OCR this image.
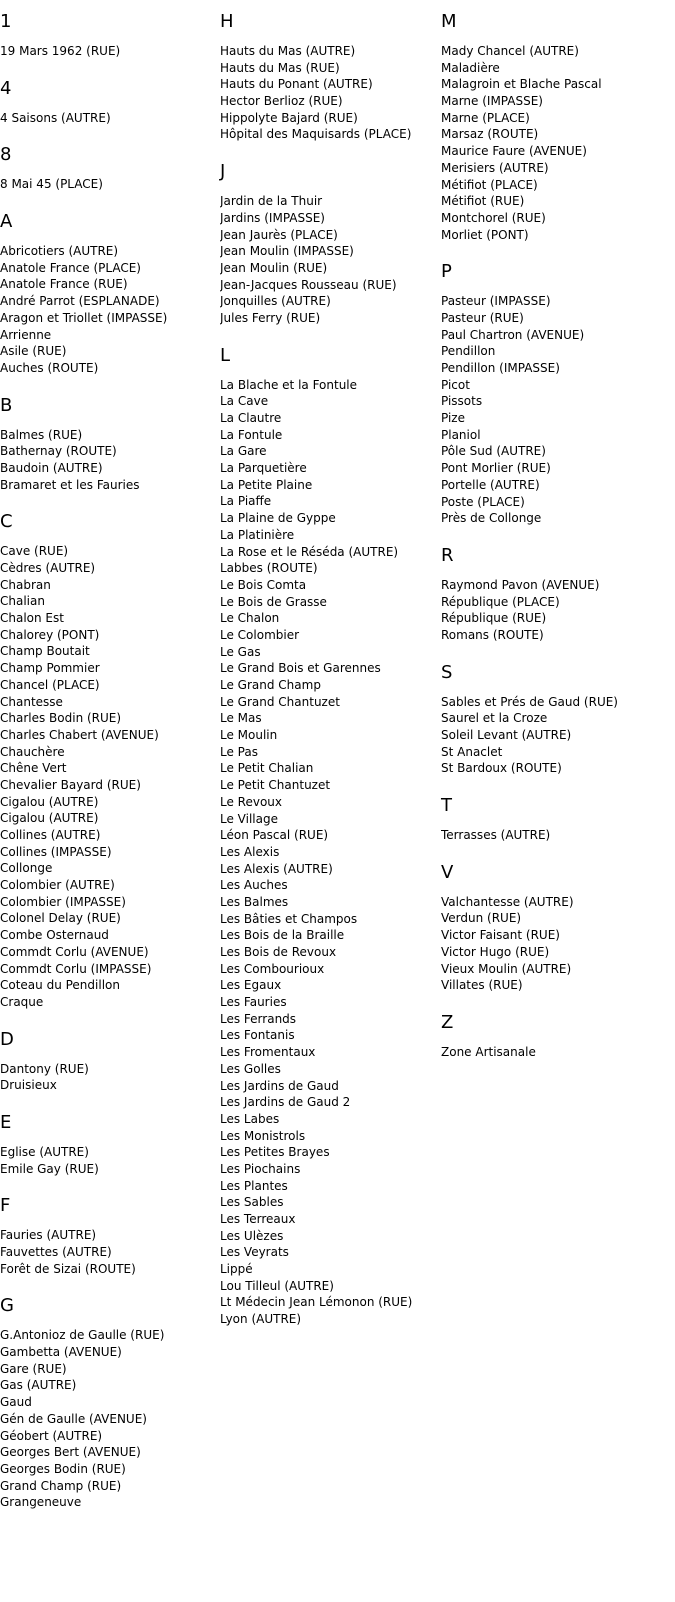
1
19 Mars 1962 (RUE)
4
4 Saisons (AUTRE)
8
8 Mai 45 (PLACE)
A
Abricotiers (AUTRE)
Anatole France (PLACE)
Anatole France (RUE)
André Parrot (ESPLANADE)
Aragon et Triollet (IMPASSE)
Arrienne
Asile (RUE)
Auches (ROUTE)
B
Balmes (RUE)
Bathernay (ROUTE)
Baudoin (AUTRE)
Bramaret et les Fauries
C
Cave (RUE)
Cèdres (AUTRE)
Chabran
Chalian
Chalon Est
Chalorey (PONT)
Champ Boutait
Champ Pommier
Chancel (PLACE)
Chantesse
Charles Bodin (RUE)
Charles Chabert (AVENUE)
Chauchère
Chêne Vert
Chevalier Bayard (RUE)
Cigalou (AUTRE)
Cigalou (AUTRE)
Collines (AUTRE)
Collines (IMPASSE)
Collonge
Colombier (AUTRE)
Colombier (IMPASSE)
Colonel Delay (RUE)
Combe Osternaud
Commdt Corlu (AVENUE)
Commdt Corlu (IMPASSE)
Coteau du Pendillon
Craque
D
Dantony (RUE)
Druisieux
E
Eglise (AUTRE)
Emile Gay (RUE)
F
Fauries (AUTRE)
Fauvettes (AUTRE)
Forêt de Sizai (ROUTE)
G
G.Antonioz de Gaulle (RUE)
Gambetta (AVENUE)
Gare (RUE)
Gas (AUTRE)
Gaud
Gén de Gaulle (AVENUE)
Géobert (AUTRE)
Georges Bert (AVENUE)
Georges Bodin (RUE)
Grand Champ (RUE)
Grangeneuve
H
Hauts du Mas (AUTRE)
Hauts du Mas (RUE)
Hauts du Ponant (AUTRE)
Hector Berlioz (RUE)
Hippolyte Bajard (RUE)
Hôpital des Maquisards (PLACE)
J
Jardin de la Thuir
Jardins (IMPASSE)
Jean Jaurès (PLACE)
Jean Moulin (IMPASSE)
Jean Moulin (RUE)
Jean-Jacques Rousseau (RUE)
Jonquilles (AUTRE)
Jules Ferry (RUE)
L
La Blache et la Fontule
La Cave
La Clautre
La Fontule
La Gare
La Parquetière
La Petite Plaine
La Piaffe
La Plaine de Gyppe
La Platinière
La Rose et le Réséda (AUTRE)
Labbes (ROUTE)
Le Bois Comta
Le Bois de Grasse
Le Chalon
Le Colombier
Le Gas
Le Grand Bois et Garennes
Le Grand Champ
Le Grand Chantuzet
Le Mas
Le Moulin
Le Pas
Le Petit Chalian
Le Petit Chantuzet
Le Revoux
Le Village
Léon Pascal (RUE)
Les Alexis
Les Alexis (AUTRE)
Les Auches
Les Balmes
Les Bâties et Champos
Les Bois de la Braille
Les Bois de Revoux
Les Combourioux
Les Egaux
Les Fauries
Les Ferrands
Les Fontanis
Les Fromentaux
Les Golles
Les Jardins de Gaud
Les Jardins de Gaud 2
Les Labes
Les Monistrols
Les Petites Brayes
Les Piochains
Les Plantes
Les Sables
Les Terreaux
Les Ulèzes
Les Veyrats
Lippé
Lou Tilleul (AUTRE)
Lt Médecin Jean Lémonon (RUE)
Lyon (AUTRE)
M
Mady Chancel (AUTRE)
Maladière
Malagroin et Blache Pascal
Marne (IMPASSE)
Marne (PLACE)
Marsaz (ROUTE)
Maurice Faure (AVENUE)
Merisiers (AUTRE)
Métifiot (PLACE)
Métifiot (RUE)
Montchorel (RUE)
Morliet (PONT)
P
Pasteur (IMPASSE)
Pasteur (RUE)
Paul Chartron (AVENUE)
Pendillon
Pendillon (IMPASSE)
Picot
Pissots
Pize
Planiol
Pôle Sud (AUTRE)
Pont Morlier (RUE)
Portelle (AUTRE)
Poste (PLACE)
Près de Collonge
R
Raymond Pavon (AVENUE)
République (PLACE)
République (RUE)
Romans (ROUTE)
S
Sables et Prés de Gaud (RUE)
Saurel et la Croze
Soleil Levant (AUTRE)
St Anaclet
St Bardoux (ROUTE)
T
Terrasses (AUTRE)
V
Valchantesse (AUTRE)
Verdun (RUE)
Victor Faisant (RUE)
Victor Hugo (RUE)
Vieux Moulin (AUTRE)
Villates (RUE)
Z
Zone Artisanale
